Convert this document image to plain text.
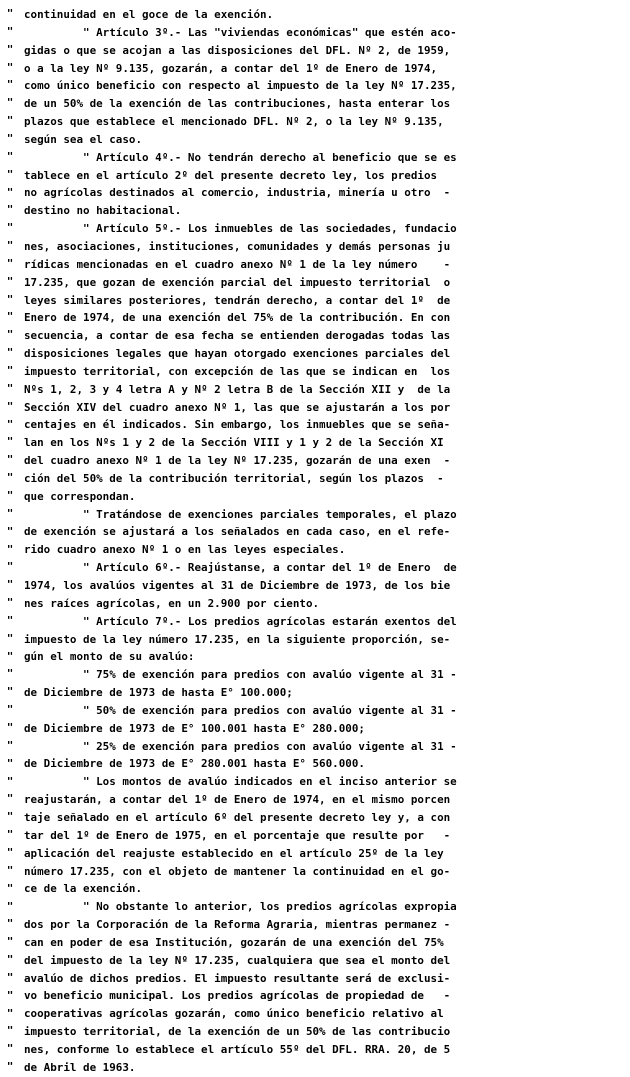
"
"
"
"
"
"
"
"
"
"
"
"
"
"
"
"
"
"
"
"
"
"
"
"
"
"
"
"
"
"
"
"
"
"
"
"
"
"
"
"
"
"
"
"
"
"
"
"
"
"
"
"
"
"
"
"
"
"
"
"
continuidad en el goce de la exención.
" Artículo 3º.- Las "viviendas económicas" que estén aco-
gidas o que se acojan a las disposiciones del DFL. Nº 2, de 1959,
o a la ley Nº 9.135, gozarán, a contar del 1º de Enero de 1974,
como único beneficio con respecto al impuesto de la ley Nº 17.235,
de un 50% de la exención de las contribuciones, hasta enterar los
plazos que establece el mencionado DFL. Nº 2, o la ley Nº 9.135,
según sea el caso.
" Artículo 4º.- No tendrán derecho al beneficio que se es
tablece en el artículo 2º del presente decreto ley, los predios
no agrícolas destinados al comercio, industria, minería u otro  -
destino no habitacional.
" Artículo 5º.- Los inmuebles de las sociedades, fundacio
nes, asociaciones, instituciones, comunidades y demás personas ju
rídicas mencionadas en el cuadro anexo Nº 1 de la ley número    -
17.235, que gozan de exención parcial del impuesto territorial  o
leyes similares posteriores, tendrán derecho, a contar del 1º  de
Enero de 1974, de una exención del 75% de la contribución. En con
secuencia, a contar de esa fecha se entienden derogadas todas las
disposiciones legales que hayan otorgado exenciones parciales del
impuesto territorial, con excepción de las que se indican en  los
Nºs 1, 2, 3 y 4 letra A y Nº 2 letra B de la Sección XII y  de la
Sección XIV del cuadro anexo Nº 1, las que se ajustarán a los por
centajes en él indicados. Sin embargo, los inmuebles que se seña-
lan en los Nºs 1 y 2 de la Sección VIII y 1 y 2 de la Sección XI
del cuadro anexo Nº 1 de la ley Nº 17.235, gozarán de una exen  -
ción del 50% de la contribución territorial, según los plazos  -
que correspondan.
" Tratándose de exenciones parciales temporales, el plazo
de exención se ajustará a los señalados en cada caso, en el refe-
rido cuadro anexo Nº 1 o en las leyes especiales.
" Artículo 6º.- Reajústanse, a contar del 1º de Enero  de
1974, los avalúos vigentes al 31 de Diciembre de 1973, de los bie
nes raíces agrícolas, en un 2.900 por ciento.
" Artículo 7º.- Los predios agrícolas estarán exentos del
impuesto de la ley número 17.235, en la siguiente proporción, se-
gún el monto de su avalúo:
" 75% de exención para predios con avalúo vigente al 31 -
de Diciembre de 1973 de hasta E° 100.000;
" 50% de exención para predios con avalúo vigente al 31 -
de Diciembre de 1973 de E° 100.001 hasta E° 280.000;
" 25% de exención para predios con avalúo vigente al 31 -
de Diciembre de 1973 de E° 280.001 hasta E° 560.000.
" Los montos de avalúo indicados en el inciso anterior se
reajustarán, a contar del 1º de Enero de 1974, en el mismo porcen
taje señalado en el artículo 6º del presente decreto ley y, a con
tar del 1º de Enero de 1975, en el porcentaje que resulte por   -
aplicación del reajuste establecido en el artículo 25º de la ley
número 17.235, con el objeto de mantener la continuidad en el go-
ce de la exención.
" No obstante lo anterior, los predios agrícolas expropia
dos por la Corporación de la Reforma Agraria, mientras permanez -
can en poder de esa Institución, gozarán de una exención del 75%
del impuesto de la ley Nº 17.235, cualquiera que sea el monto del
avalúo de dichos predios. El impuesto resultante será de exclusi-
vo beneficio municipal. Los predios agrícolas de propiedad de   -
cooperativas agrícolas gozarán, como único beneficio relativo al
impuesto territorial, de la exención de un 50% de las contribucio
nes, conforme lo establece el artículo 55º del DFL. RRA. 20, de 5
de Abril de 1963.
